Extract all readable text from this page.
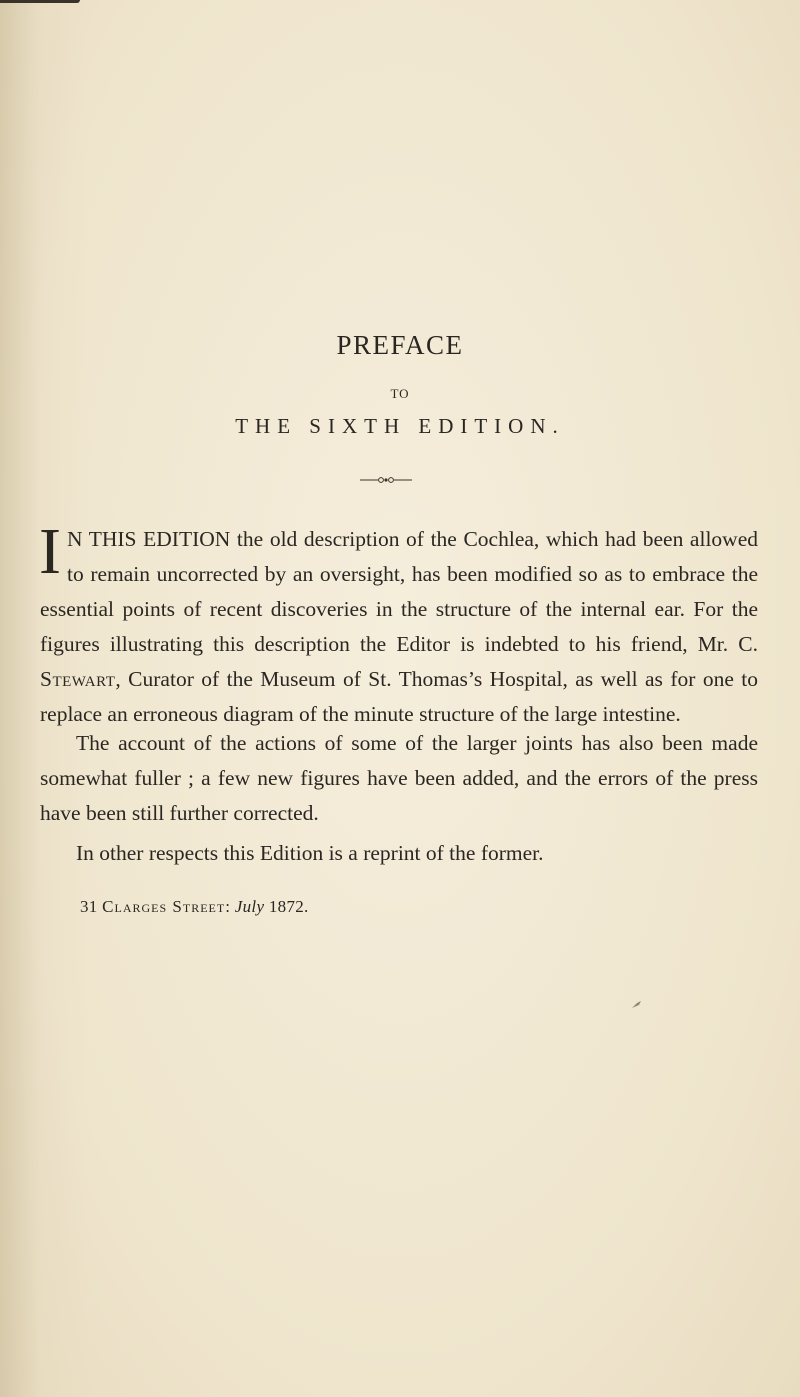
PREFACE
TO
THE SIXTH EDITION.

I N THIS EDITION the old description of the Cochlea, which had been allowed to remain uncorrected by an oversight, has been modified so as to embrace the essential points of recent discoveries in the structure of the internal ear. For the figures illustrating this description the Editor is indebted to his friend, Mr. C. Stewart, Curator of the Museum of St. Thomas’s Hospital, as well as for one to replace an erroneous diagram of the minute structure of the large intestine.

The account of the actions of some of the larger joints has also been made somewhat fuller ; a few new figures have been added, and the errors of the press have been still further corrected.

In other respects this Edition is a reprint of the former.

31 Clarges Street: July 1872.
